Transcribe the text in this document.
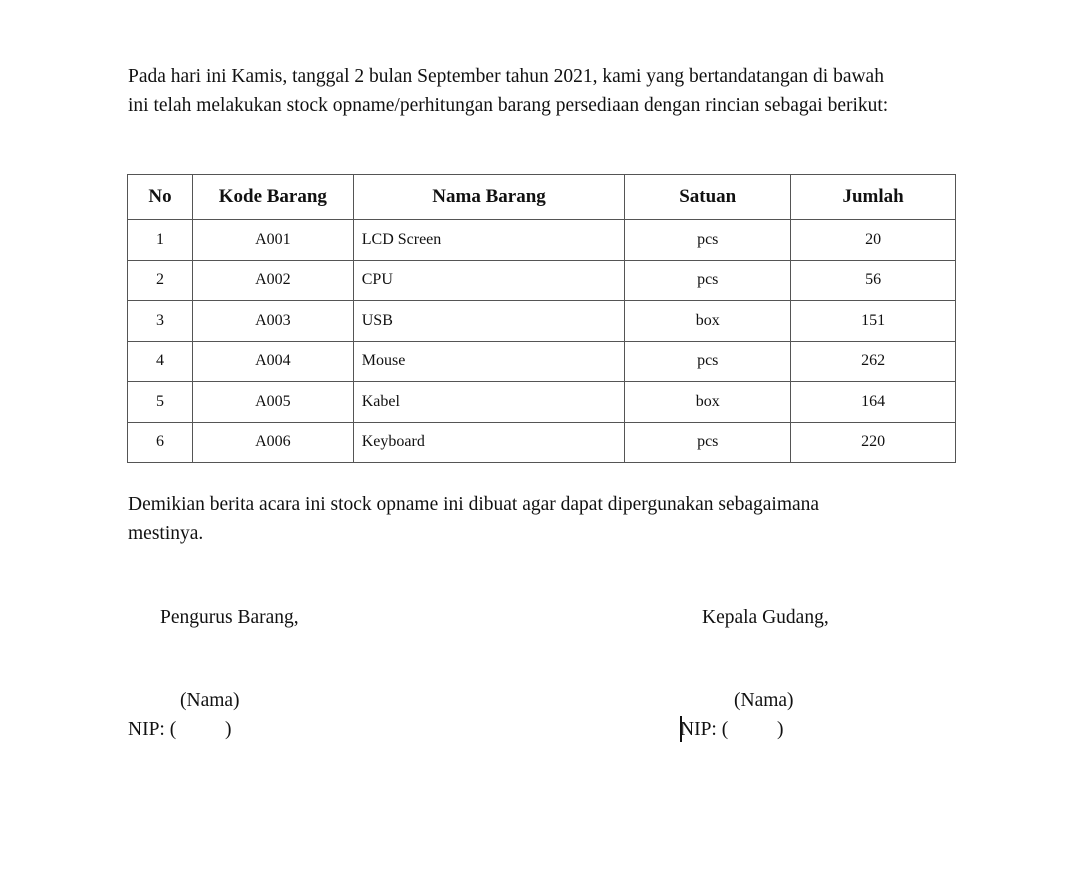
Pada hari ini Kamis, tanggal 2 bulan September tahun 2021, kami yang bertandatangan di bawah

ini telah melakukan stock opname/perhitungan barang persediaan dengan rincian sebagai berikut:

No	Kode Barang	Nama Barang	Satuan	Jumlah
1	A001	LCD Screen	pcs	20
2	A002	CPU	pcs	56
3	A003	USB	box	151
4	A004	Mouse	pcs	262
5	A005	Kabel	box	164
6	A006	Keyboard	pcs	220

Demikian berita acara ini stock opname ini dibuat agar dapat dipergunakan sebagaimana

mestinya.

Pengurus Barang,	Kepala Gudang,
(Nama)	(Nama)
NIP: (          )	NIP: (          )
